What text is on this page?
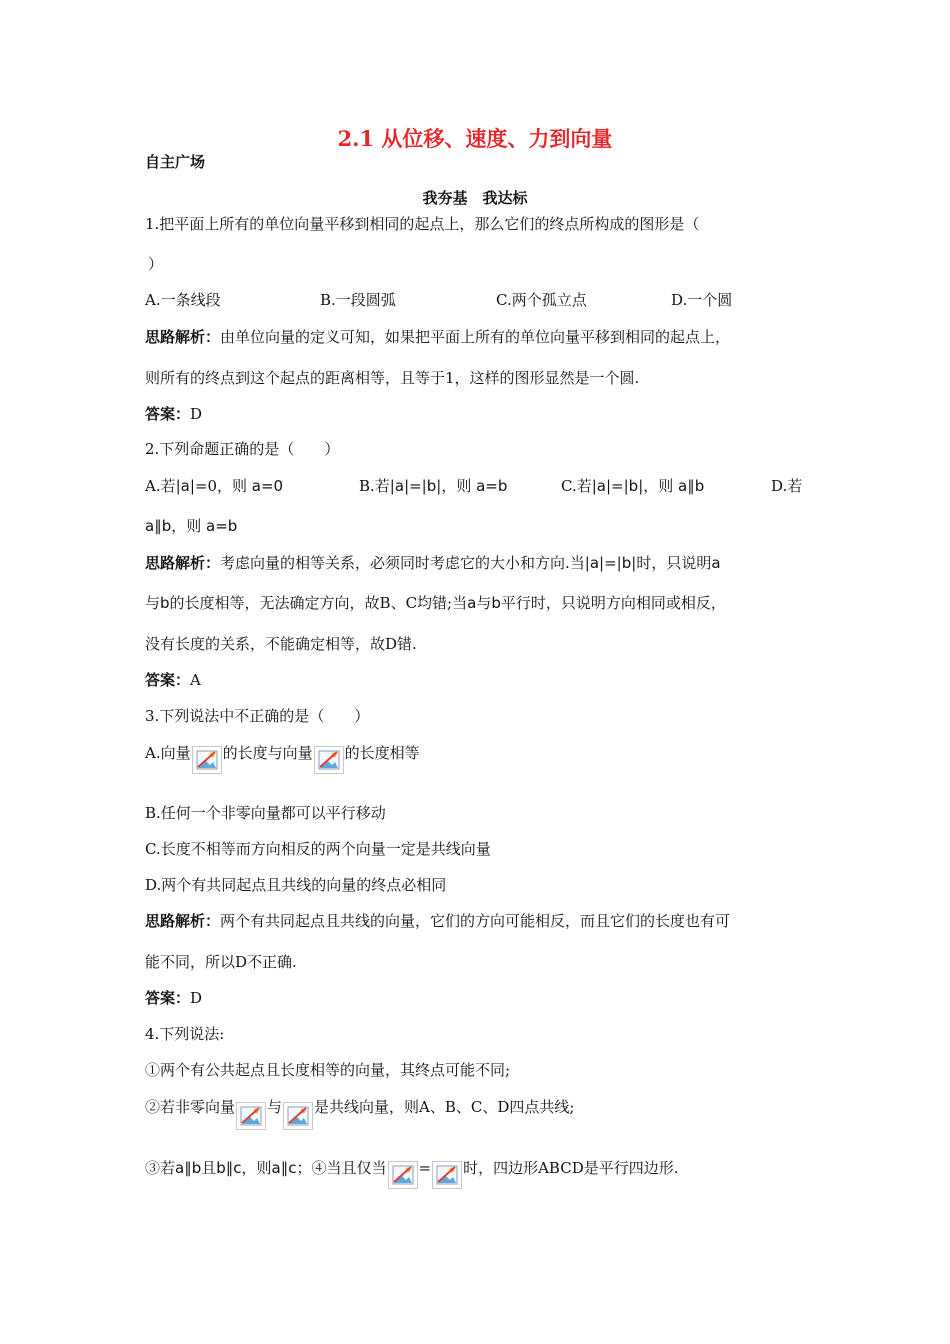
2.1 从位移、速度、力到向量
自主广场
我夯基　我达标
1.把平面上所有的单位向量平移到相同的起点上，那么它们的终点所构成的图形是（
）
A.一条线段	B.一段圆弧	C.两个孤立点	D.一个圆
思路解析：由单位向量的定义可知，如果把平面上所有的单位向量平移到相同的起点上，
则所有的终点到这个起点的距离相等，且等于1，这样的图形显然是一个圆.
答案：D
2.下列命题正确的是（　　）
A.若|a|=0，则 a=0	B.若|a|=|b|，则 a=b	C.若|a|=|b|，则 a∥b	D.若
a∥b，则 a=b
思路解析：考虑向量的相等关系，必须同时考虑它的大小和方向.当|a|=|b|时，只说明a
与b的长度相等，无法确定方向，故B、C均错;当a与b平行时，只说明方向相同或相反，
没有长度的关系，不能确定相等，故D错.
答案：A
3.下列说法中不正确的是（　　）
A.向量 的长度与向量 的长度相等
B.任何一个非零向量都可以平行移动
C.长度不相等而方向相反的两个向量一定是共线向量
D.两个有共同起点且共线的向量的终点必相同
思路解析：两个有共同起点且共线的向量，它们的方向可能相反，而且它们的长度也有可
能不同，所以D不正确.
答案：D
4.下列说法:
①两个有公共起点且长度相等的向量，其终点可能不同;
②若非零向量 与 是共线向量，则A、B、C、D四点共线;
③若a∥b且b∥c，则a∥c；④当且仅当 = 时，四边形ABCD是平行四边形.
